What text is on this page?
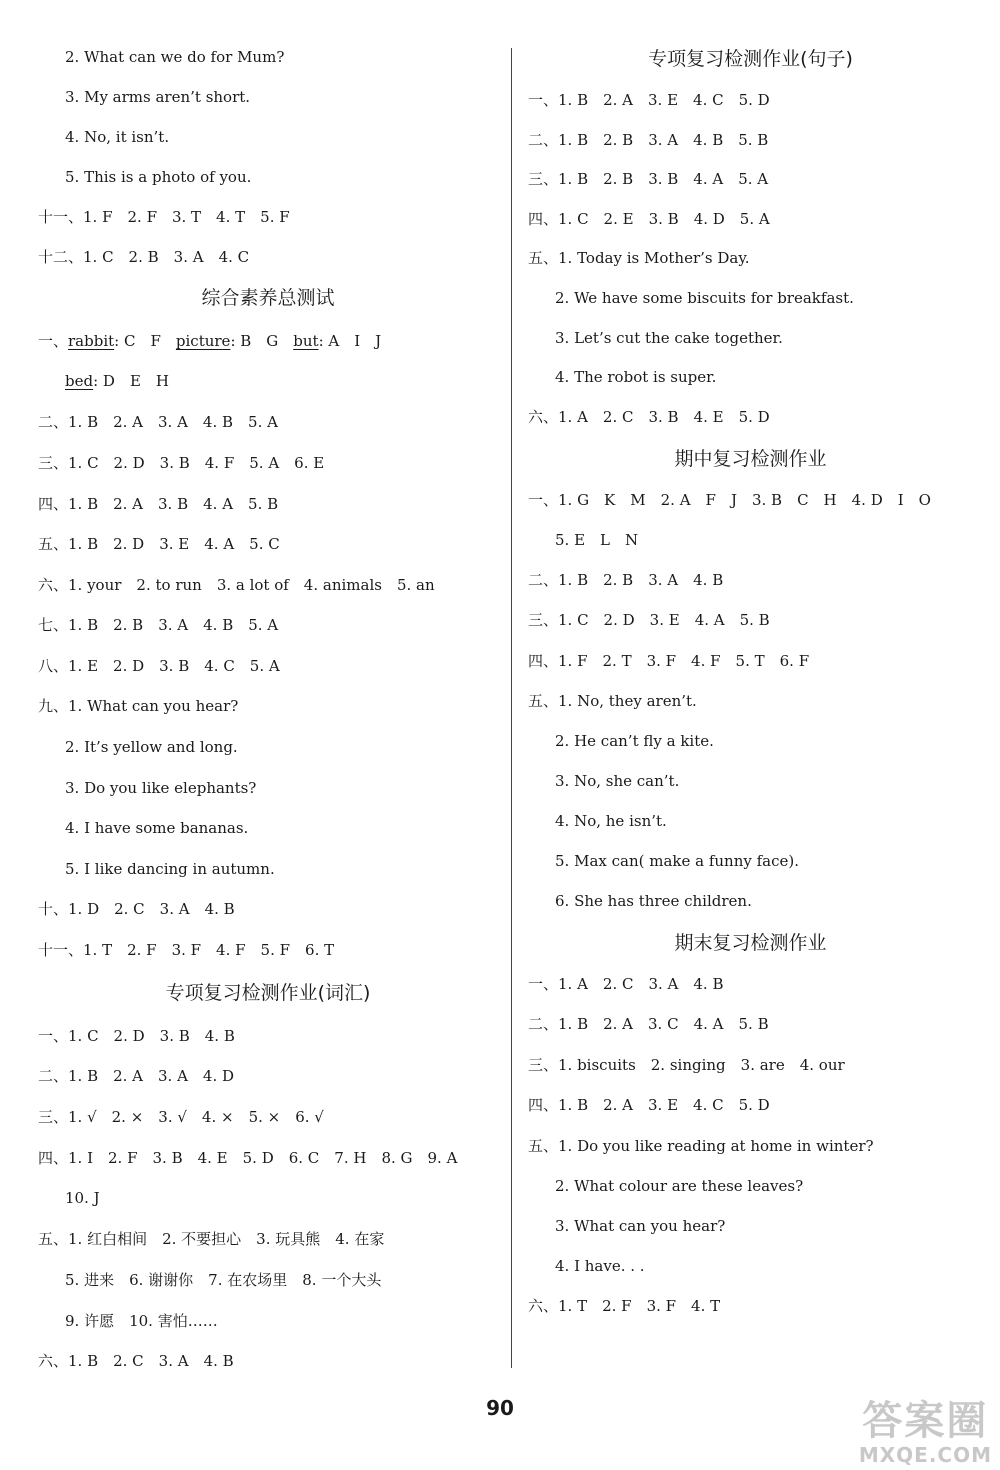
2. What can we do for Mum?
3. My arms aren’t short.
4. No, it isn’t.
5. This is a photo of you.
十一、1. F　2. F　3. T　4. T　5. F
十二、1. C　2. B　3. A　4. C
综合素养总测试
一、rabbit: C　F　picture: B　G　but: A　I　J
bed: D　E　H
二、1. B　2. A　3. A　4. B　5. A
三、1. C　2. D　3. B　4. F　5. A　6. E
四、1. B　2. A　3. B　4. A　5. B
五、1. B　2. D　3. E　4. A　5. C
六、1. your　2. to run　3. a lot of　4. animals　5. an
七、1. B　2. B　3. A　4. B　5. A
八、1. E　2. D　3. B　4. C　5. A
九、1. What can you hear?
2. It’s yellow and long.
3. Do you like elephants?
4. I have some bananas.
5. I like dancing in autumn.
十、1. D　2. C　3. A　4. B
十一、1. T　2. F　3. F　4. F　5. F　6. T
专项复习检测作业(词汇)
一、1. C　2. D　3. B　4. B
二、1. B　2. A　3. A　4. D
三、1. √　2. ×　3. √　4. ×　5. ×　6. √
四、1. I　2. F　3. B　4. E　5. D　6. C　7. H　8. G　9. A
10. J
五、1. 红白相间　2. 不要担心　3. 玩具熊　4. 在家
5. 进来　6. 谢谢你　7. 在农场里　8. 一个大头
9. 许愿　10. 害怕……
六、1. B　2. C　3. A　4. B
专项复习检测作业(句子)
一、1. B　2. A　3. E　4. C　5. D
二、1. B　2. B　3. A　4. B　5. B
三、1. B　2. B　3. B　4. A　5. A
四、1. C　2. E　3. B　4. D　5. A
五、1. Today is Mother’s Day.
2. We have some biscuits for breakfast.
3. Let’s cut the cake together.
4. The robot is super.
六、1. A　2. C　3. B　4. E　5. D
期中复习检测作业
一、1. G　K　M　2. A　F　J　3. B　C　H　4. D　I　O
5. E　L　N
二、1. B　2. B　3. A　4. B
三、1. C　2. D　3. E　4. A　5. B
四、1. F　2. T　3. F　4. F　5. T　6. F
五、1. No, they aren’t.
2. He can’t fly a kite.
3. No, she can’t.
4. No, he isn’t.
5. Max can( make a funny face).
6. She has three children.
期末复习检测作业
一、1. A　2. C　3. A　4. B
二、1. B　2. A　3. C　4. A　5. B
三、1. biscuits　2. singing　3. are　4. our
四、1. B　2. A　3. E　4. C　5. D
五、1. Do you like reading at home in winter?
2. What colour are these leaves?
3. What can you hear?
4. I have. . .
六、1. T　2. F　3. F　4. T
90	答案圈
MXQE.COM
